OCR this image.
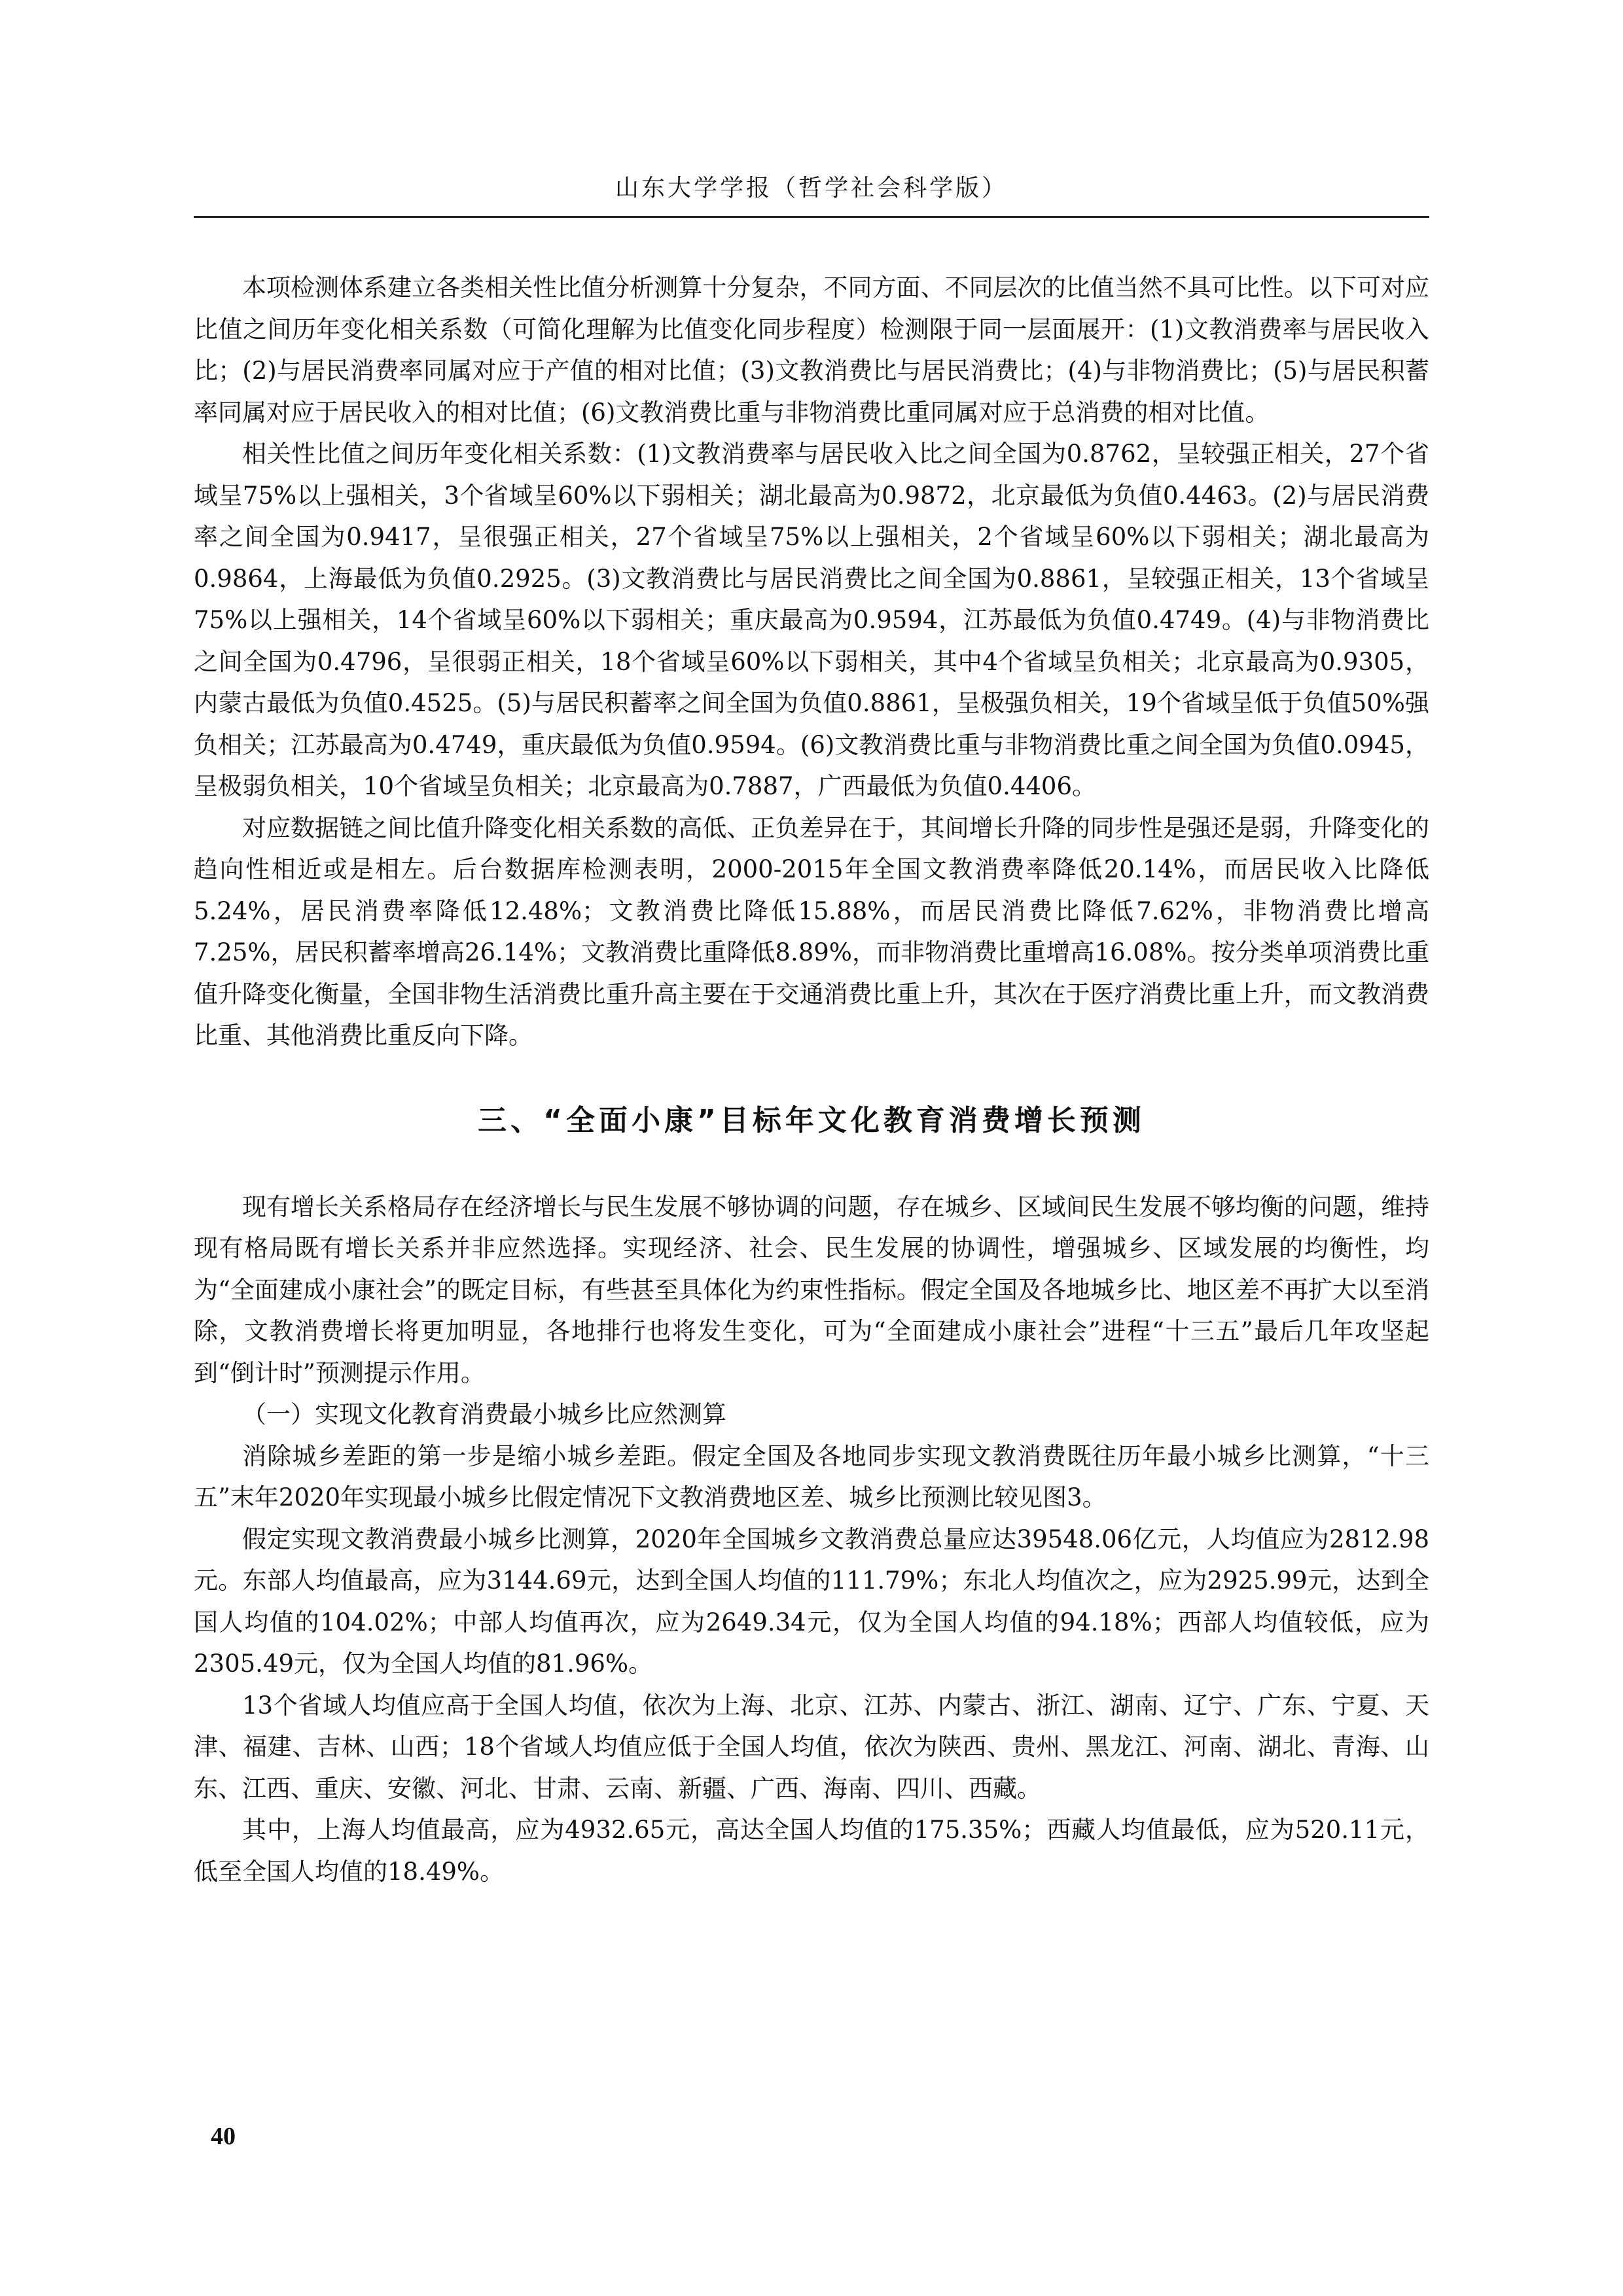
山东大学学报（哲学社会科学版）

本项检测体系建立各类相关性比值分析测算十分复杂，不同方面、不同层次的比值当然不具可比性。以下可对应比值之间历年变化相关系数（可简化理解为比值变化同步程度）检测限于同一层面展开：(1)文教消费率与居民收入比；(2)与居民消费率同属对应于产值的相对比值；(3)文教消费比与居民消费比；(4)与非物消费比；(5)与居民积蓄率同属对应于居民收入的相对比值；(6)文教消费比重与非物消费比重同属对应于总消费的相对比值。

相关性比值之间历年变化相关系数：(1)文教消费率与居民收入比之间全国为0.8762，呈较强正相关，27个省域呈75%以上强相关，3个省域呈60%以下弱相关；湖北最高为0.9872，北京最低为负值0.4463。(2)与居民消费率之间全国为0.9417，呈很强正相关，27个省域呈75%以上强相关，2个省域呈60%以下弱相关；湖北最高为0.9864，上海最低为负值0.2925。(3)文教消费比与居民消费比之间全国为0.8861，呈较强正相关，13个省域呈75%以上强相关，14个省域呈60%以下弱相关；重庆最高为0.9594，江苏最低为负值0.4749。(4)与非物消费比之间全国为0.4796，呈很弱正相关，18个省域呈60%以下弱相关，其中4个省域呈负相关；北京最高为0.9305，内蒙古最低为负值0.4525。(5)与居民积蓄率之间全国为负值0.8861，呈极强负相关，19个省域呈低于负值50%强负相关；江苏最高为0.4749，重庆最低为负值0.9594。(6)文教消费比重与非物消费比重之间全国为负值0.0945，呈极弱负相关，10个省域呈负相关；北京最高为0.7887，广西最低为负值0.4406。

对应数据链之间比值升降变化相关系数的高低、正负差异在于，其间增长升降的同步性是强还是弱，升降变化的趋向性相近或是相左。后台数据库检测表明，2000-2015年全国文教消费率降低20.14%，而居民收入比降低5.24%，居民消费率降低12.48%；文教消费比降低15.88%，而居民消费比降低7.62%，非物消费比增高7.25%，居民积蓄率增高26.14%；文教消费比重降低8.89%，而非物消费比重增高16.08%。按分类单项消费比重值升降变化衡量，全国非物生活消费比重升高主要在于交通消费比重上升，其次在于医疗消费比重上升，而文教消费比重、其他消费比重反向下降。

三、“全面小康”目标年文化教育消费增长预测

现有增长关系格局存在经济增长与民生发展不够协调的问题，存在城乡、区域间民生发展不够均衡的问题，维持现有格局既有增长关系并非应然选择。实现经济、社会、民生发展的协调性，增强城乡、区域发展的均衡性，均为“全面建成小康社会”的既定目标，有些甚至具体化为约束性指标。假定全国及各地城乡比、地区差不再扩大以至消除，文教消费增长将更加明显，各地排行也将发生变化，可为“全面建成小康社会”进程“十三五”最后几年攻坚起到“倒计时”预测提示作用。

（一）实现文化教育消费最小城乡比应然测算

消除城乡差距的第一步是缩小城乡差距。假定全国及各地同步实现文教消费既往历年最小城乡比测算，“十三五”末年2020年实现最小城乡比假定情况下文教消费地区差、城乡比预测比较见图3。

假定实现文教消费最小城乡比测算，2020年全国城乡文教消费总量应达39548.06亿元，人均值应为2812.98元。东部人均值最高，应为3144.69元，达到全国人均值的111.79%；东北人均值次之，应为2925.99元，达到全国人均值的104.02%；中部人均值再次，应为2649.34元，仅为全国人均值的94.18%；西部人均值较低，应为2305.49元，仅为全国人均值的81.96%。

13个省域人均值应高于全国人均值，依次为上海、北京、江苏、内蒙古、浙江、湖南、辽宁、广东、宁夏、天津、福建、吉林、山西；18个省域人均值应低于全国人均值，依次为陕西、贵州、黑龙江、河南、湖北、青海、山东、江西、重庆、安徽、河北、甘肃、云南、新疆、广西、海南、四川、西藏。

其中，上海人均值最高，应为4932.65元，高达全国人均值的175.35%；西藏人均值最低，应为520.11元，低至全国人均值的18.49%。

40
